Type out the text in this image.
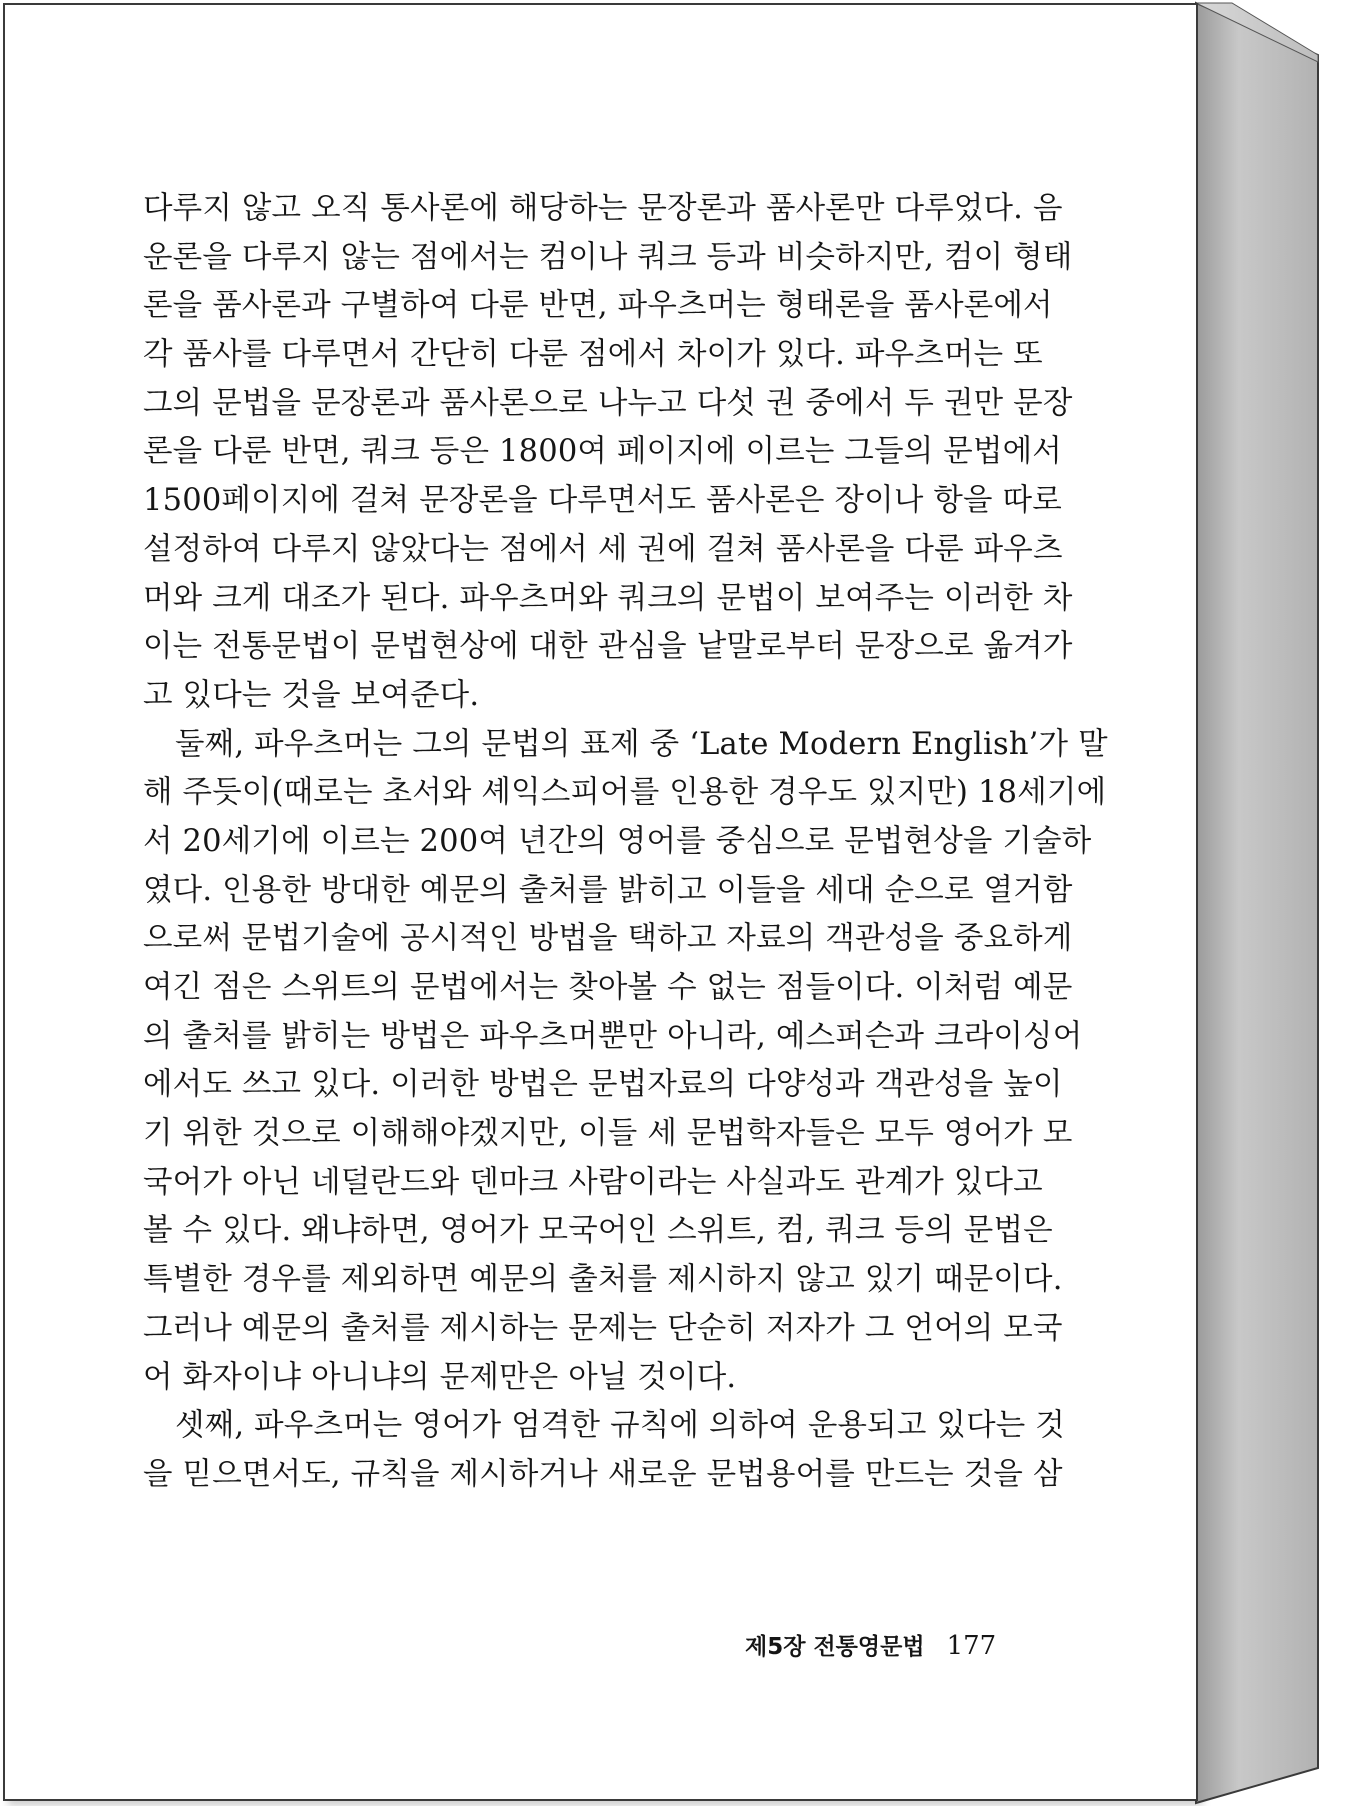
다루지 않고 오직 통사론에 해당하는 문장론과 품사론만 다루었다. 음
운론을 다루지 않는 점에서는 컴이나 쿼크 등과 비슷하지만, 컴이 형태
론을 품사론과 구별하여 다룬 반면, 파우츠머는 형태론을 품사론에서
각 품사를 다루면서 간단히 다룬 점에서 차이가 있다. 파우츠머는 또
그의 문법을 문장론과 품사론으로 나누고 다섯 권 중에서 두 권만 문장
론을 다룬 반면, 쿼크 등은 1800여 페이지에 이르는 그들의 문법에서
1500페이지에 걸쳐 문장론을 다루면서도 품사론은 장이나 항을 따로
설정하여 다루지 않았다는 점에서 세 권에 걸쳐 품사론을 다룬 파우츠
머와 크게 대조가 된다. 파우츠머와 쿼크의 문법이 보여주는 이러한 차
이는 전통문법이 문법현상에 대한 관심을 낱말로부터 문장으로 옮겨가
고 있다는 것을 보여준다.
둘째, 파우츠머는 그의 문법의 표제 중 ‘Late Modern English’가 말
해 주듯이(때로는 초서와 셰익스피어를 인용한 경우도 있지만) 18세기에
서 20세기에 이르는 200여 년간의 영어를 중심으로 문법현상을 기술하
였다. 인용한 방대한 예문의 출처를 밝히고 이들을 세대 순으로 열거함
으로써 문법기술에 공시적인 방법을 택하고 자료의 객관성을 중요하게
여긴 점은 스위트의 문법에서는 찾아볼 수 없는 점들이다. 이처럼 예문
의 출처를 밝히는 방법은 파우츠머뿐만 아니라, 예스퍼슨과 크라이싱어
에서도 쓰고 있다. 이러한 방법은 문법자료의 다양성과 객관성을 높이
기 위한 것으로 이해해야겠지만, 이들 세 문법학자들은 모두 영어가 모
국어가 아닌 네덜란드와 덴마크 사람이라는 사실과도 관계가 있다고
볼 수 있다. 왜냐하면, 영어가 모국어인 스위트, 컴, 쿼크 등의 문법은
특별한 경우를 제외하면 예문의 출처를 제시하지 않고 있기 때문이다.
그러나 예문의 출처를 제시하는 문제는 단순히 저자가 그 언어의 모국
어 화자이냐 아니냐의 문제만은 아닐 것이다.
셋째, 파우츠머는 영어가 엄격한 규칙에 의하여 운용되고 있다는 것
을 믿으면서도, 규칙을 제시하거나 새로운 문법용어를 만드는 것을 삼
제5장 전통영문법 177
